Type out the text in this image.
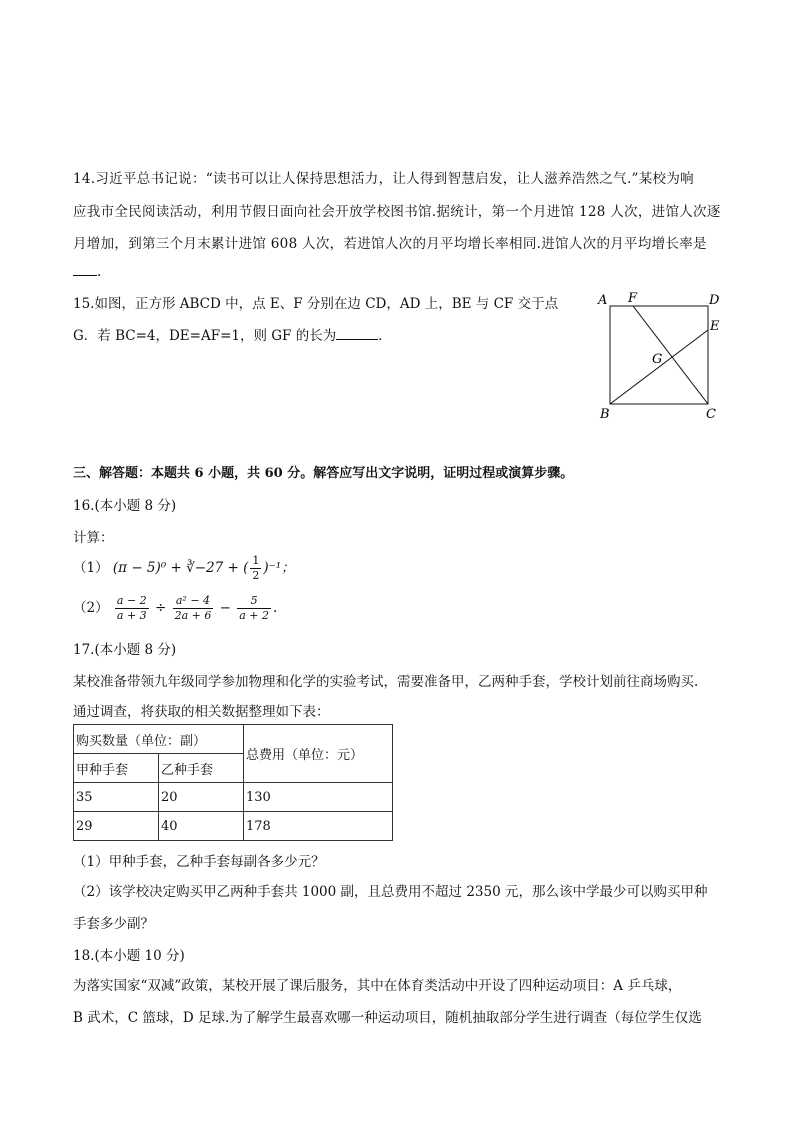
14.习近平总书记说：“读书可以让人保持思想活力，让人得到智慧启发，让人滋养浩然之气.”某校为响
应我市全民阅读活动，利用节假日面向社会开放学校图书馆.据统计，第一个月进馆 128 人次，进馆人次逐
月增加，到第三个月末累计进馆 608 人次，若进馆人次的月平均增长率相同.进馆人次的月平均增长率是
.
15.如图，正方形 ABCD 中，点 E、F 分别在边 CD，AD 上，BE 与 CF 交于点
G．若 BC=4，DE=AF=1，则 GF 的长为	．
A F	D
E
G
B	C
三、解答题：本题共 6 小题，共 60 分。解答应写出文字说明，证明过程或演算步骤。
16.(本小题 8 分)
计算：
（1） (π − 5)⁰ + ∛−27 + ( $\frac{1}{2} )^{-1}$；
$(2) \frac{a - 2}{a + 3} \div \frac{\text{a² − 4}}{2a + 6} - \frac{5}{a + 2}$ .
17.(本小题 8 分)
某校准备带领九年级同学参加物理和化学的实验考试，需要准备甲，乙两种手套，学校计划前往商场购买.
通过调查，将获取的相关数据整理如下表：
购买数量（单位：副）		总费用（单位：元）
甲种手套	乙种手套	
35	20	130
29	40	178
（1）甲种手套，乙种手套每副各多少元？
（2）该学校决定购买甲乙两种手套共 1000 副，且总费用不超过 2350 元，那么该中学最少可以购买甲种
手套多少副？
18.(本小题 10 分)
为落实国家“双减”政策，某校开展了课后服务，其中在体育类活动中开设了四种运动项目：A 乒乓球，
B 武术，C 篮球，D 足球.为了解学生最喜欢哪一种运动项目，随机抽取部分学生进行调查（每位学生仅选
